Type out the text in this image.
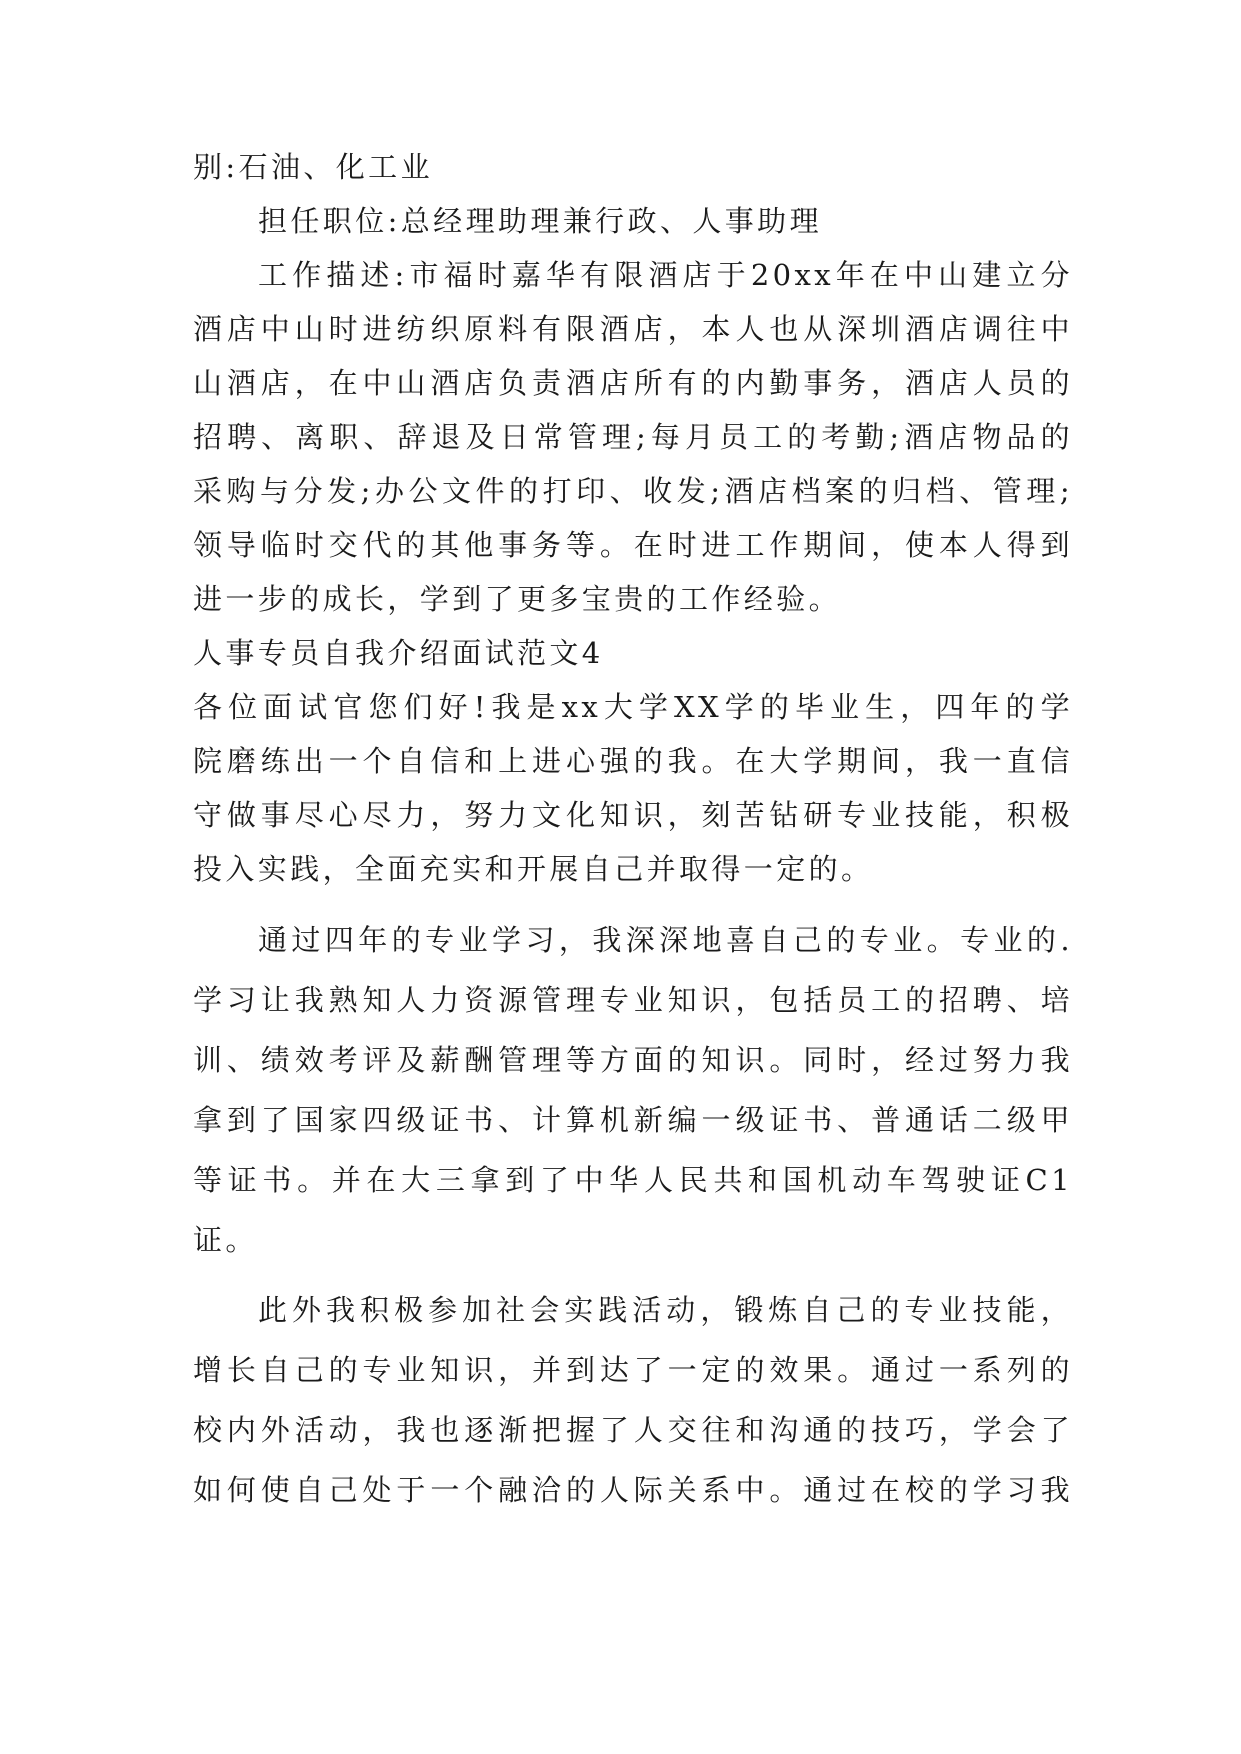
别:石油、化工业
担任职位:总经理助理兼行政、人事助理
工作描述:市福时嘉华有限酒店于20xx年在中山建立分
酒店中山时进纺织原料有限酒店，本人也从深圳酒店调往中
山酒店，在中山酒店负责酒店所有的内勤事务，酒店人员的
招聘、离职、辞退及日常管理;每月员工的考勤;酒店物品的
采购与分发;办公文件的打印、收发;酒店档案的归档、管理;
领导临时交代的其他事务等。在时进工作期间，使本人得到
进一步的成长，学到了更多宝贵的工作经验。
人事专员自我介绍面试范文4
各位面试官您们好!我是xx大学XX学的毕业生，四年的学
院磨练出一个自信和上进心强的我。在大学期间，我一直信
守做事尽心尽力，努力文化知识，刻苦钻研专业技能，积极
投入实践，全面充实和开展自己并取得一定的。
通过四年的专业学习，我深深地喜自己的专业。专业的.
学习让我熟知人力资源管理专业知识，包括员工的招聘、培
训、绩效考评及薪酬管理等方面的知识。同时，经过努力我
拿到了国家四级证书、计算机新编一级证书、普通话二级甲
等证书。并在大三拿到了中华人民共和国机动车驾驶证C1
证。
此外我积极参加社会实践活动，锻炼自己的专业技能，
增长自己的专业知识，并到达了一定的效果。通过一系列的
校内外活动，我也逐渐把握了人交往和沟通的技巧，学会了
如何使自己处于一个融洽的人际关系中。通过在校的学习我
